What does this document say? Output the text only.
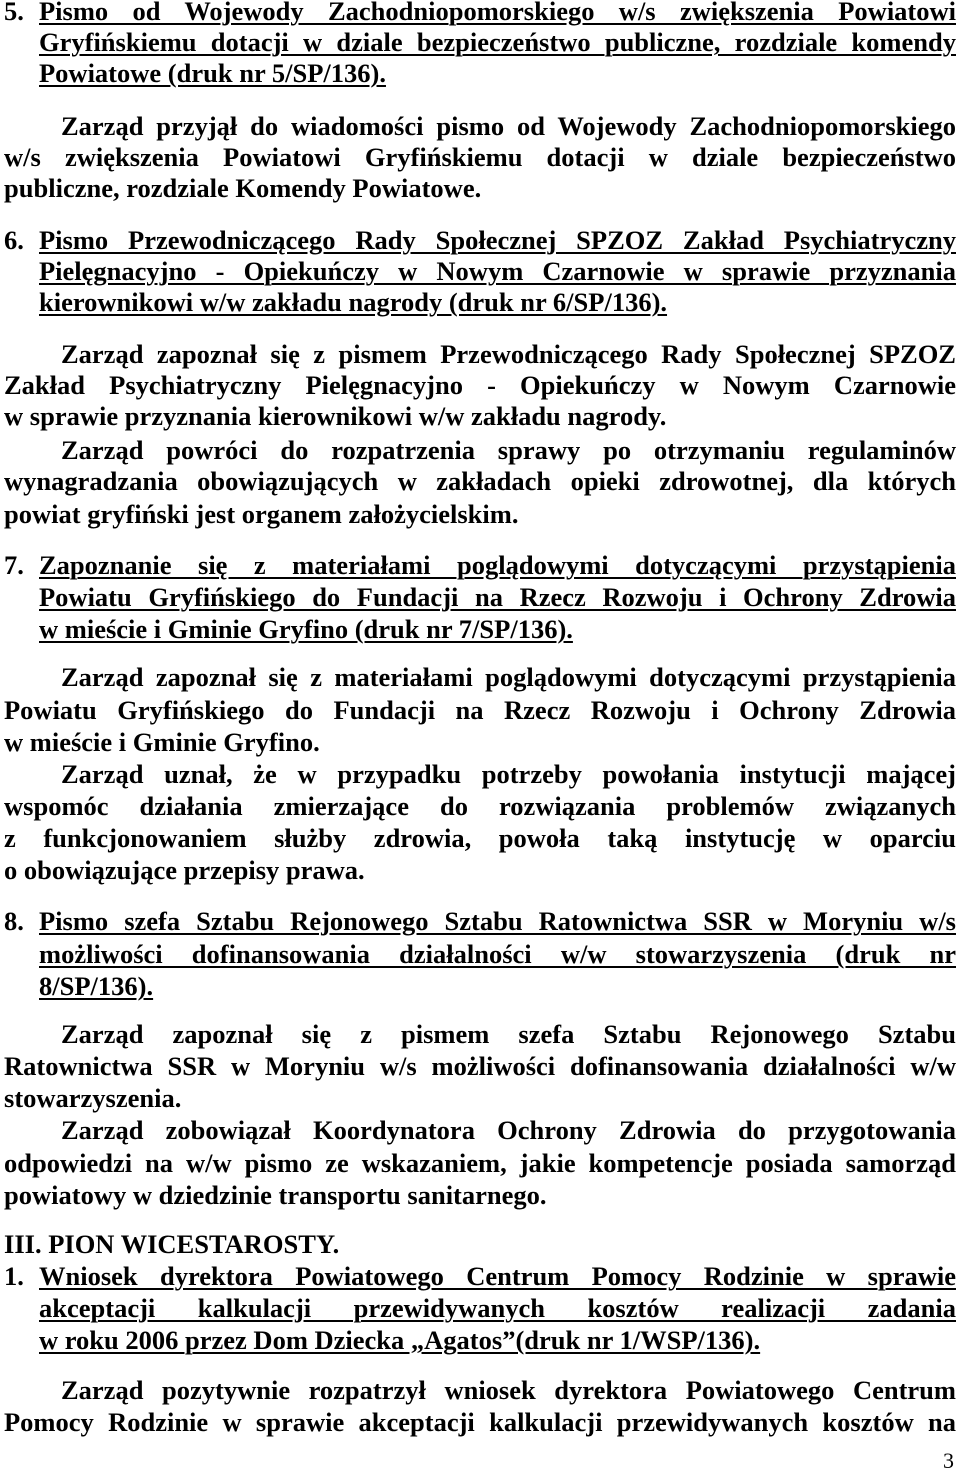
5. Pismo od Wojewody Zachodniopomorskiego w/s zwiększenia Powiatowi
Gryfińskiemu dotacji w dziale bezpieczeństwo publiczne, rozdziale komendy
Powiatowe (druk nr 5/SP/136).
Zarząd przyjął do wiadomości pismo od Wojewody Zachodniopomorskiego
w/s zwiększenia Powiatowi Gryfińskiemu dotacji w dziale bezpieczeństwo
publiczne, rozdziale Komendy Powiatowe.
6. Pismo Przewodniczącego Rady Społecznej SPZOZ Zakład Psychiatryczny
Pielęgnacyjno - Opiekuńczy w Nowym Czarnowie w sprawie przyznania
kierownikowi w/w zakładu nagrody (druk nr 6/SP/136).
Zarząd zapoznał się z pismem Przewodniczącego Rady Społecznej SPZOZ
Zakład Psychiatryczny Pielęgnacyjno - Opiekuńczy w Nowym Czarnowie
w sprawie przyznania kierownikowi w/w zakładu nagrody.
Zarząd powróci do rozpatrzenia sprawy po otrzymaniu regulaminów
wynagradzania obowiązujących w zakładach opieki zdrowotnej, dla których
powiat gryfiński jest organem założycielskim.
7. Zapoznanie się z materiałami poglądowymi dotyczącymi przystąpienia
Powiatu Gryfińskiego do Fundacji na Rzecz Rozwoju i Ochrony Zdrowia
w mieście i Gminie Gryfino (druk nr 7/SP/136).
Zarząd zapoznał się z materiałami poglądowymi dotyczącymi przystąpienia
Powiatu Gryfińskiego do Fundacji na Rzecz Rozwoju i Ochrony Zdrowia
w mieście i Gminie Gryfino.
Zarząd uznał, że w przypadku potrzeby powołania instytucji mającej
wspomóc działania zmierzające do rozwiązania problemów związanych
z funkcjonowaniem służby zdrowia, powoła taką instytucję w oparciu
o obowiązujące przepisy prawa.
8. Pismo szefa Sztabu Rejonowego Sztabu Ratownictwa SSR w Moryniu w/s
możliwości dofinansowania działalności w/w stowarzyszenia (druk nr
8/SP/136).
Zarząd zapoznał się z pismem szefa Sztabu Rejonowego Sztabu
Ratownictwa SSR w Moryniu w/s możliwości dofinansowania działalności w/w
stowarzyszenia.
Zarząd zobowiązał Koordynatora Ochrony Zdrowia do przygotowania
odpowiedzi na w/w pismo ze wskazaniem, jakie kompetencje posiada samorząd
powiatowy w dziedzinie transportu sanitarnego.
III. PION WICESTAROSTY.
1. Wniosek dyrektora Powiatowego Centrum Pomocy Rodzinie w sprawie
akceptacji kalkulacji przewidywanych kosztów realizacji zadania
w roku 2006 przez Dom Dziecka „Agatos”(druk nr 1/WSP/136).
Zarząd pozytywnie rozpatrzył wniosek dyrektora Powiatowego Centrum
Pomocy Rodzinie w sprawie akceptacji kalkulacji przewidywanych kosztów na
3
